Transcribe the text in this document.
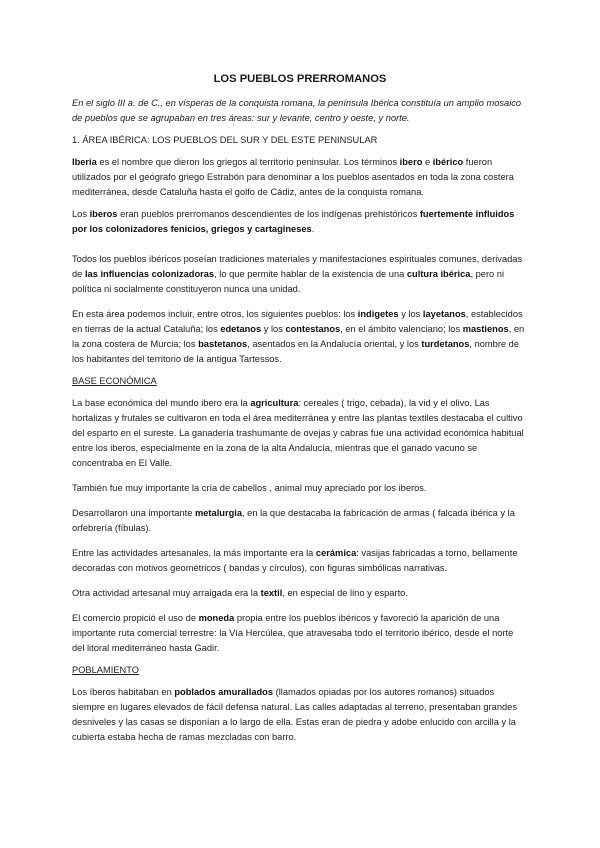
LOS PUEBLOS PRERROMANOS

En el siglo III a. de C., en vísperas de la conquista romana, la península Ibérica constituía un amplio mosaico de pueblos que se agrupaban en tres áreas: sur y levante, centro y oeste, y norte.

1. ÁREA IBÉRICA: LOS PUEBLOS DEL SUR Y DEL ESTE PENINSULAR

Iberia es el nombre que dieron los griegos al territorio peninsular. Los términos ibero e ibérico fueron utilizados por el geógrafo griego Estrabón para denominar a los pueblos asentados en toda la zona costera mediterránea, desde Cataluña hasta el golfo de Cádiz, antes de la conquista romana.

Los iberos eran pueblos prerromanos descendientes de los indígenas prehistóricos fuertemente influidos por los colonizadores fenicios, griegos y cartagineses.

Todos los pueblos ibéricos poseían tradiciones materiales y manifestaciones espirituales comunes, derivadas de las influencias colonizadoras, lo que permite hablar de la existencia de una cultura ibérica, pero ni política ni socialmente constituyeron nunca una unidad.

En esta área podemos incluir, entre otros, los siguientes pueblos: los indigetes y los layetanos, establecidos en tierras de la actual Cataluña; los edetanos y los contestanos, en el ámbito valenciano; los mastienos, en la zona costera de Murcia; los bastetanos, asentados en la Andalucía oriental, y los turdetanos, nombre de los habitantes del territorio de la antigua Tartessos.

BASE ECONÓMICA

La base económica del mundo ibero era la agricultura: cereales ( trigo, cebada), la vid y el olivo. Las hortalizas y frutales se cultivaron en toda el área mediterránea y entre las plantas textiles destacaba el cultivo del esparto en el sureste. La ganadería trashumante de ovejas y cabras fue una actividad económica habitual entre los iberos, especialmente en la zona de la alta Andalucía, mientras que el ganado vacuno se concentraba en El Valle.

También fue muy importante la cría de cabellos , animal muy apreciado por los iberos.

Desarrollaron una importante metalurgia, en la que destacaba la fabricación de armas ( falcada ibérica y la orfebrería (fíbulas).

Entre las actividades artesanales, la más importante era la cerámica: vasijas fabricadas a torno, bellamente decoradas con motivos geométricos ( bandas y círculos), con figuras simbólicas narrativas.

Otra actividad artesanal muy arraigada era la textil, en especial de lino y esparto.

El comercio propició el uso de moneda propia entre los pueblos ibéricos y favoreció la aparición de una importante ruta comercial terrestre: la Vía Hercúlea, que atravesaba todo el territorio ibérico, desde el norte del litoral mediterráneo hasta Gadir.

POBLAMIENTO

Los íberos habitaban en poblados amurallados (llamados opiadas por los autores romanos) situados siempre en lugares elevados de fácil defensa natural. Las calles adaptadas al terreno, presentaban grandes desniveles y las casas se disponían a lo largo de ella. Estas eran de piedra y adobe enlucido con arcilla y la cubierta estaba hecha de ramas mezcladas con barro.
